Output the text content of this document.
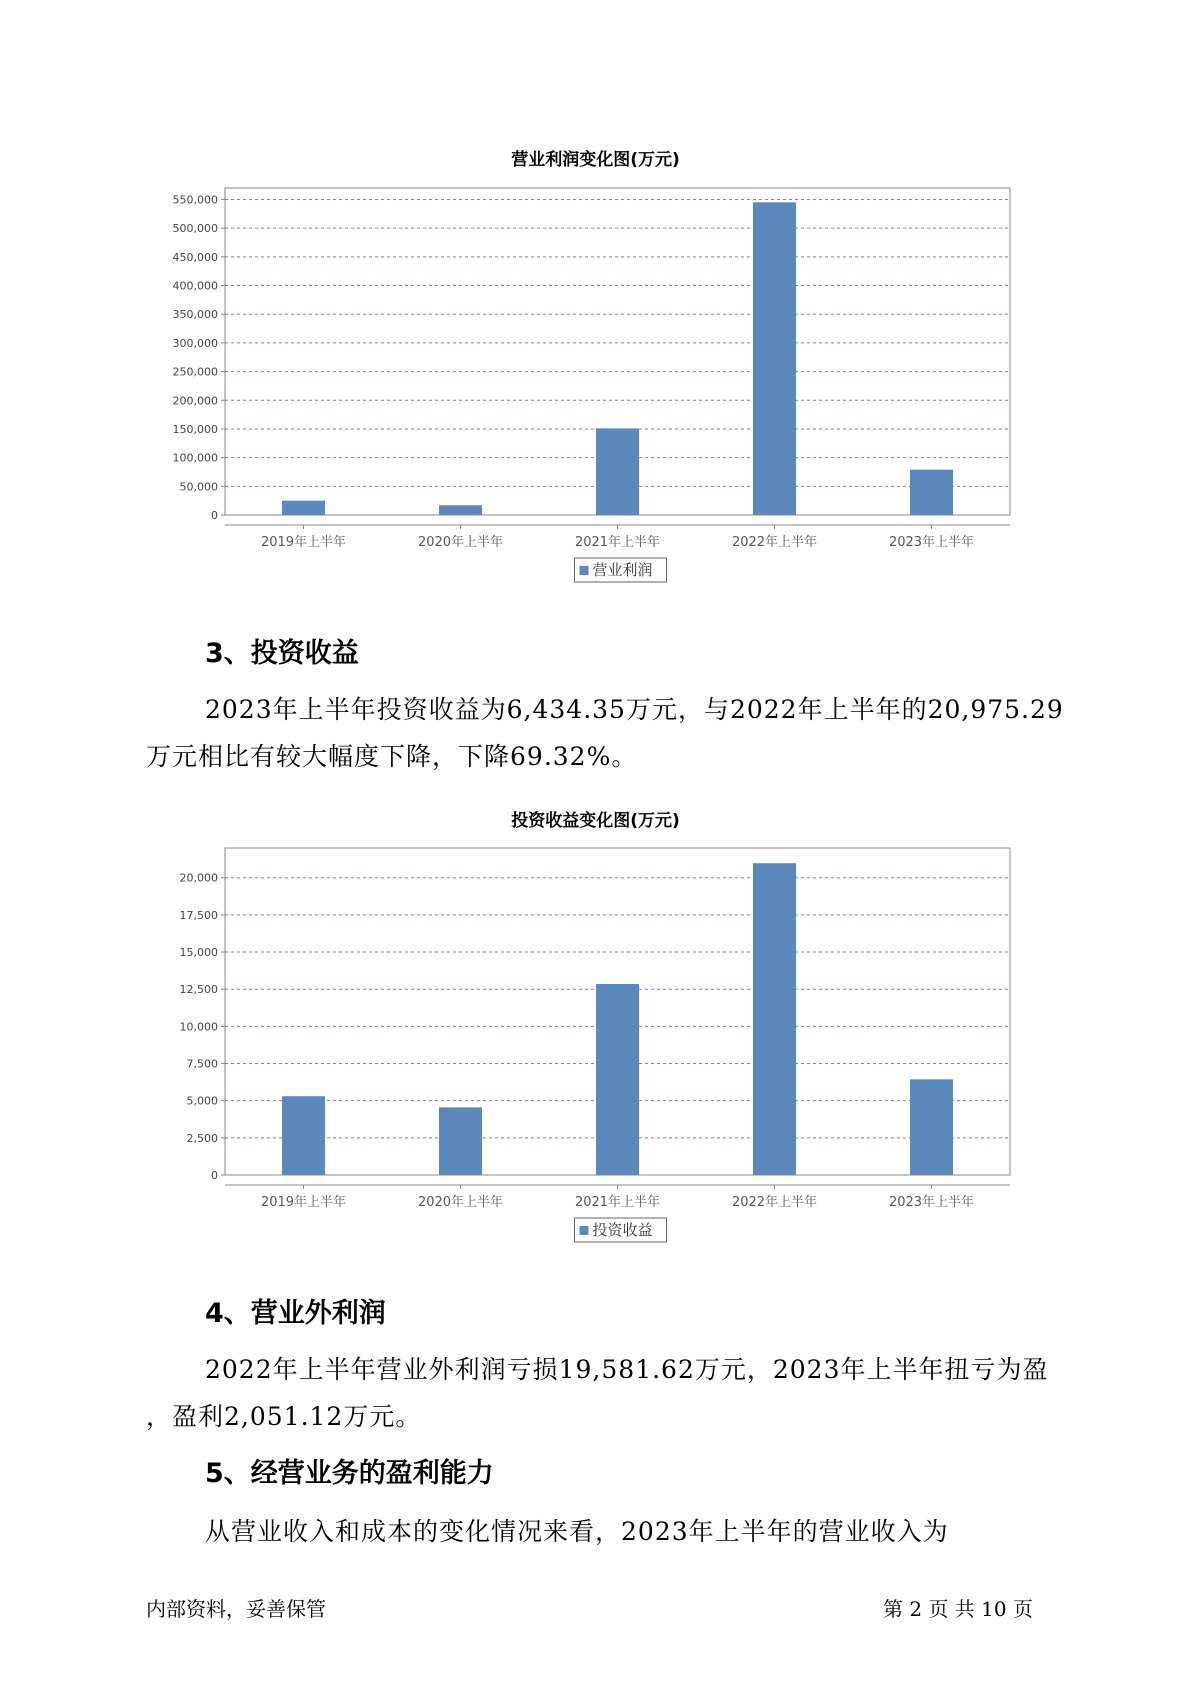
营业利润变化图(万元)
0
50,000
100,000
150,000
200,000
250,000
300,000
350,000
400,000
450,000
500,000
550,000
2019年上半年	2020年上半年	2021年上半年	2022年上半年	2023年上半年
营业利润
3、投资收益
2023年上半年投资收益为6,434.35万元，与2022年上半年的20,975.29
万元相比有较大幅度下降，下降69.32%。
投资收益变化图(万元)
0
2,500
5,000
7,500
10,000
12,500
15,000
17,500
20,000
2019年上半年	2020年上半年	2021年上半年	2022年上半年	2023年上半年
投资收益
4、营业外利润
2022年上半年营业外利润亏损19,581.62万元，2023年上半年扭亏为盈
，盈利2,051.12万元。
5、经营业务的盈利能力
从营业收入和成本的变化情况来看，2023年上半年的营业收入为
内部资料，妥善保管	第 2 页 共 10 页
